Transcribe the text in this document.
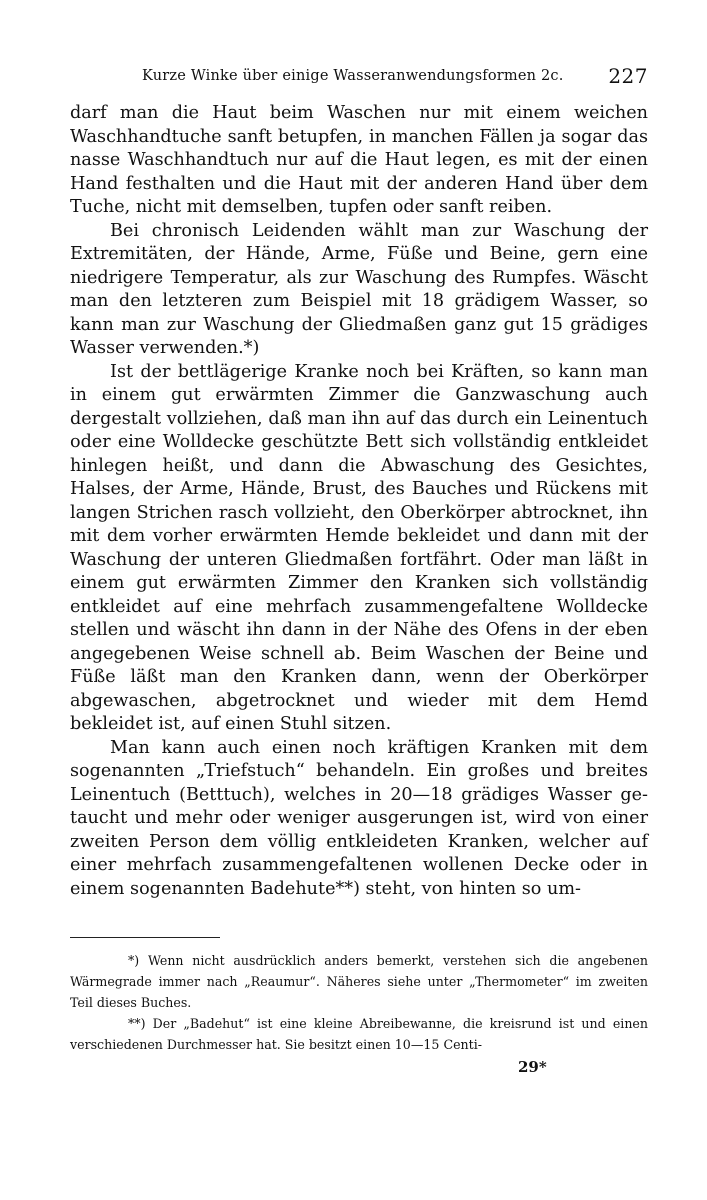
Kurze Winke über einige Wasseranwendungsformen 2c. 227

darf man die Haut beim Waschen nur mit einem weichen Waschhandtuche sanft betupfen, in manchen Fällen ja sogar das nasse Waschhandtuch nur auf die Haut legen, es mit der einen Hand festhalten und die Haut mit der anderen Hand über dem Tuche, nicht mit demselben, tupfen oder sanft reiben.

Bei chronisch Leidenden wählt man zur Waschung der Extremitäten, der Hände, Arme, Füße und Beine, gern eine niedrigere Temperatur, als zur Waschung des Rumpfes. Wäscht man den letzteren zum Beispiel mit 18 grädigem Wasser, so kann man zur Waschung der Gliedmaßen ganz gut 15 grädiges Wasser verwenden.*)

Ist der bettlägerige Kranke noch bei Kräften, so kann man in einem gut erwärmten Zimmer die Ganzwaschung auch dergestalt vollziehen, daß man ihn auf das durch ein Leinentuch oder eine Wolldecke geschützte Bett sich vollständig entkleidet hinlegen heißt, und dann die Abwaschung des Gesichtes, Halses, der Arme, Hände, Brust, des Bauches und Rückens mit langen Strichen rasch vollzieht, den Oberkörper abtrocknet, ihn mit dem vorher erwärmten Hemde bekleidet und dann mit der Waschung der unteren Gliedmaßen fortfährt. Oder man läßt in einem gut erwärmten Zimmer den Kranken sich vollständig entkleidet auf eine mehrfach zusammengefaltene Wolldecke stellen und wäscht ihn dann in der Nähe des Ofens in der eben angegebenen Weise schnell ab. Beim Waschen der Beine und Füße läßt man den Kranken dann, wenn der Oberkörper abgewaschen, abgetrocknet und wieder mit dem Hemd bekleidet ist, auf einen Stuhl sitzen.

Man kann auch einen noch kräftigen Kranken mit dem sogenannten „Triefstuch“ behandeln. Ein großes und breites Leinentuch (Betttuch), welches in 20—18 grädiges Wasser getaucht und mehr oder weniger ausgerungen ist, wird von einer zweiten Person dem völlig entkleideten Kranken, welcher auf einer mehrfach zusammengefaltenen wollenen Decke oder in einem sogenannten Badehute**) steht, von hinten so um-

*) Wenn nicht ausdrücklich anders bemerkt, verstehen sich die angebenen Wärmegrade immer nach „Reaumur“. Näheres siehe unter „Thermometer“ im zweiten Teil dieses Buches.

**) Der „Badehut“ ist eine kleine Abreibewanne, die kreisrund ist und einen verschiedenen Durchmesser hat. Sie besitzt einen 10—15 Centi-

29*
